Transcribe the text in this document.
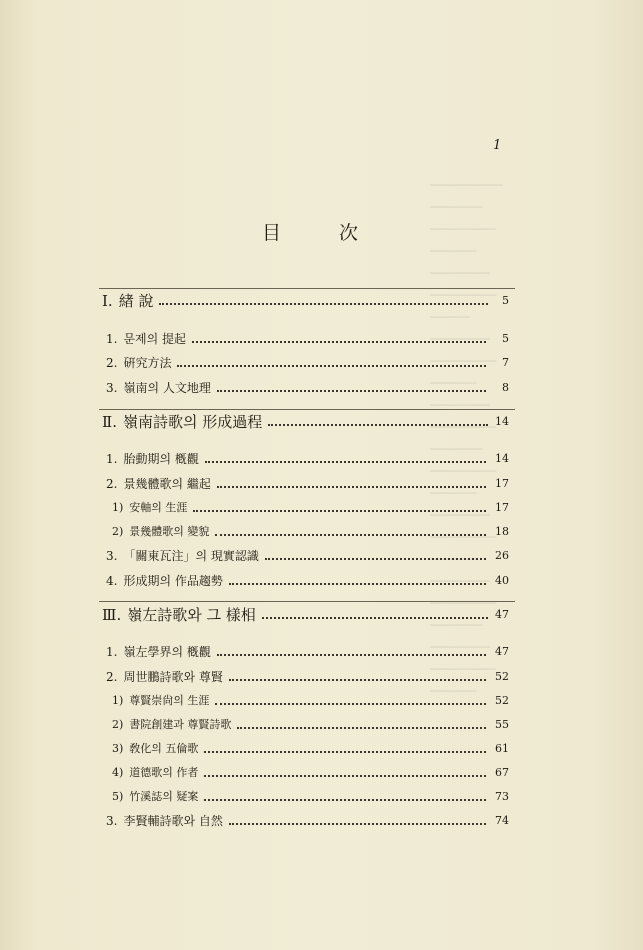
━━━━━━━━━━━
━━━━━━━━
━━━━━━━━━━
━━━━━━━
━━━━━━━━━
━━━━━━━━━━
━━━━━━
━━━━━━━━━
━━━━━━━━━━
━━━━━━━
━━━━━━━━━
━━━━━━━━━━
━━━━━━━━
━━━━━━━━━━
━━━━━━━
━━━━━━━━━
━━━━━━━━━━
━━━━━━━
━━━━━━━━━
━━━━━━━━━━
━━━━━━━━
━━━━━━━━━
━━━━━━━━━━
━━━━━━━
1
目 次
Ⅰ. 緖 說	5
1. 문제의 提起	5
2. 硏究方法	7
3. 嶺南의 人文地理	8
Ⅱ. 嶺南詩歌의 形成過程	14
1. 胎動期의 槪觀	14
2. 景幾體歌의 繼起	17
1) 安軸의 生涯	17
2) 景幾體歌의 變貌	18
3. 「關東瓦注」의 現實認識	26
4. 形成期의 作品趨勢	40
Ⅲ. 嶺左詩歌와 그 樣相	47
1. 嶺左學界의 槪觀	47
2. 周世鵬詩歌와 尊賢	52
1) 尊賢崇尙의 生涯	52
2) 書院創建과 尊賢詩歌	55
3) 敎化의 五倫歌	61
4) 道德歌의 作者	67
5) 竹溪誌의 疑案	73
3. 李賢輔詩歌와 自然	74
